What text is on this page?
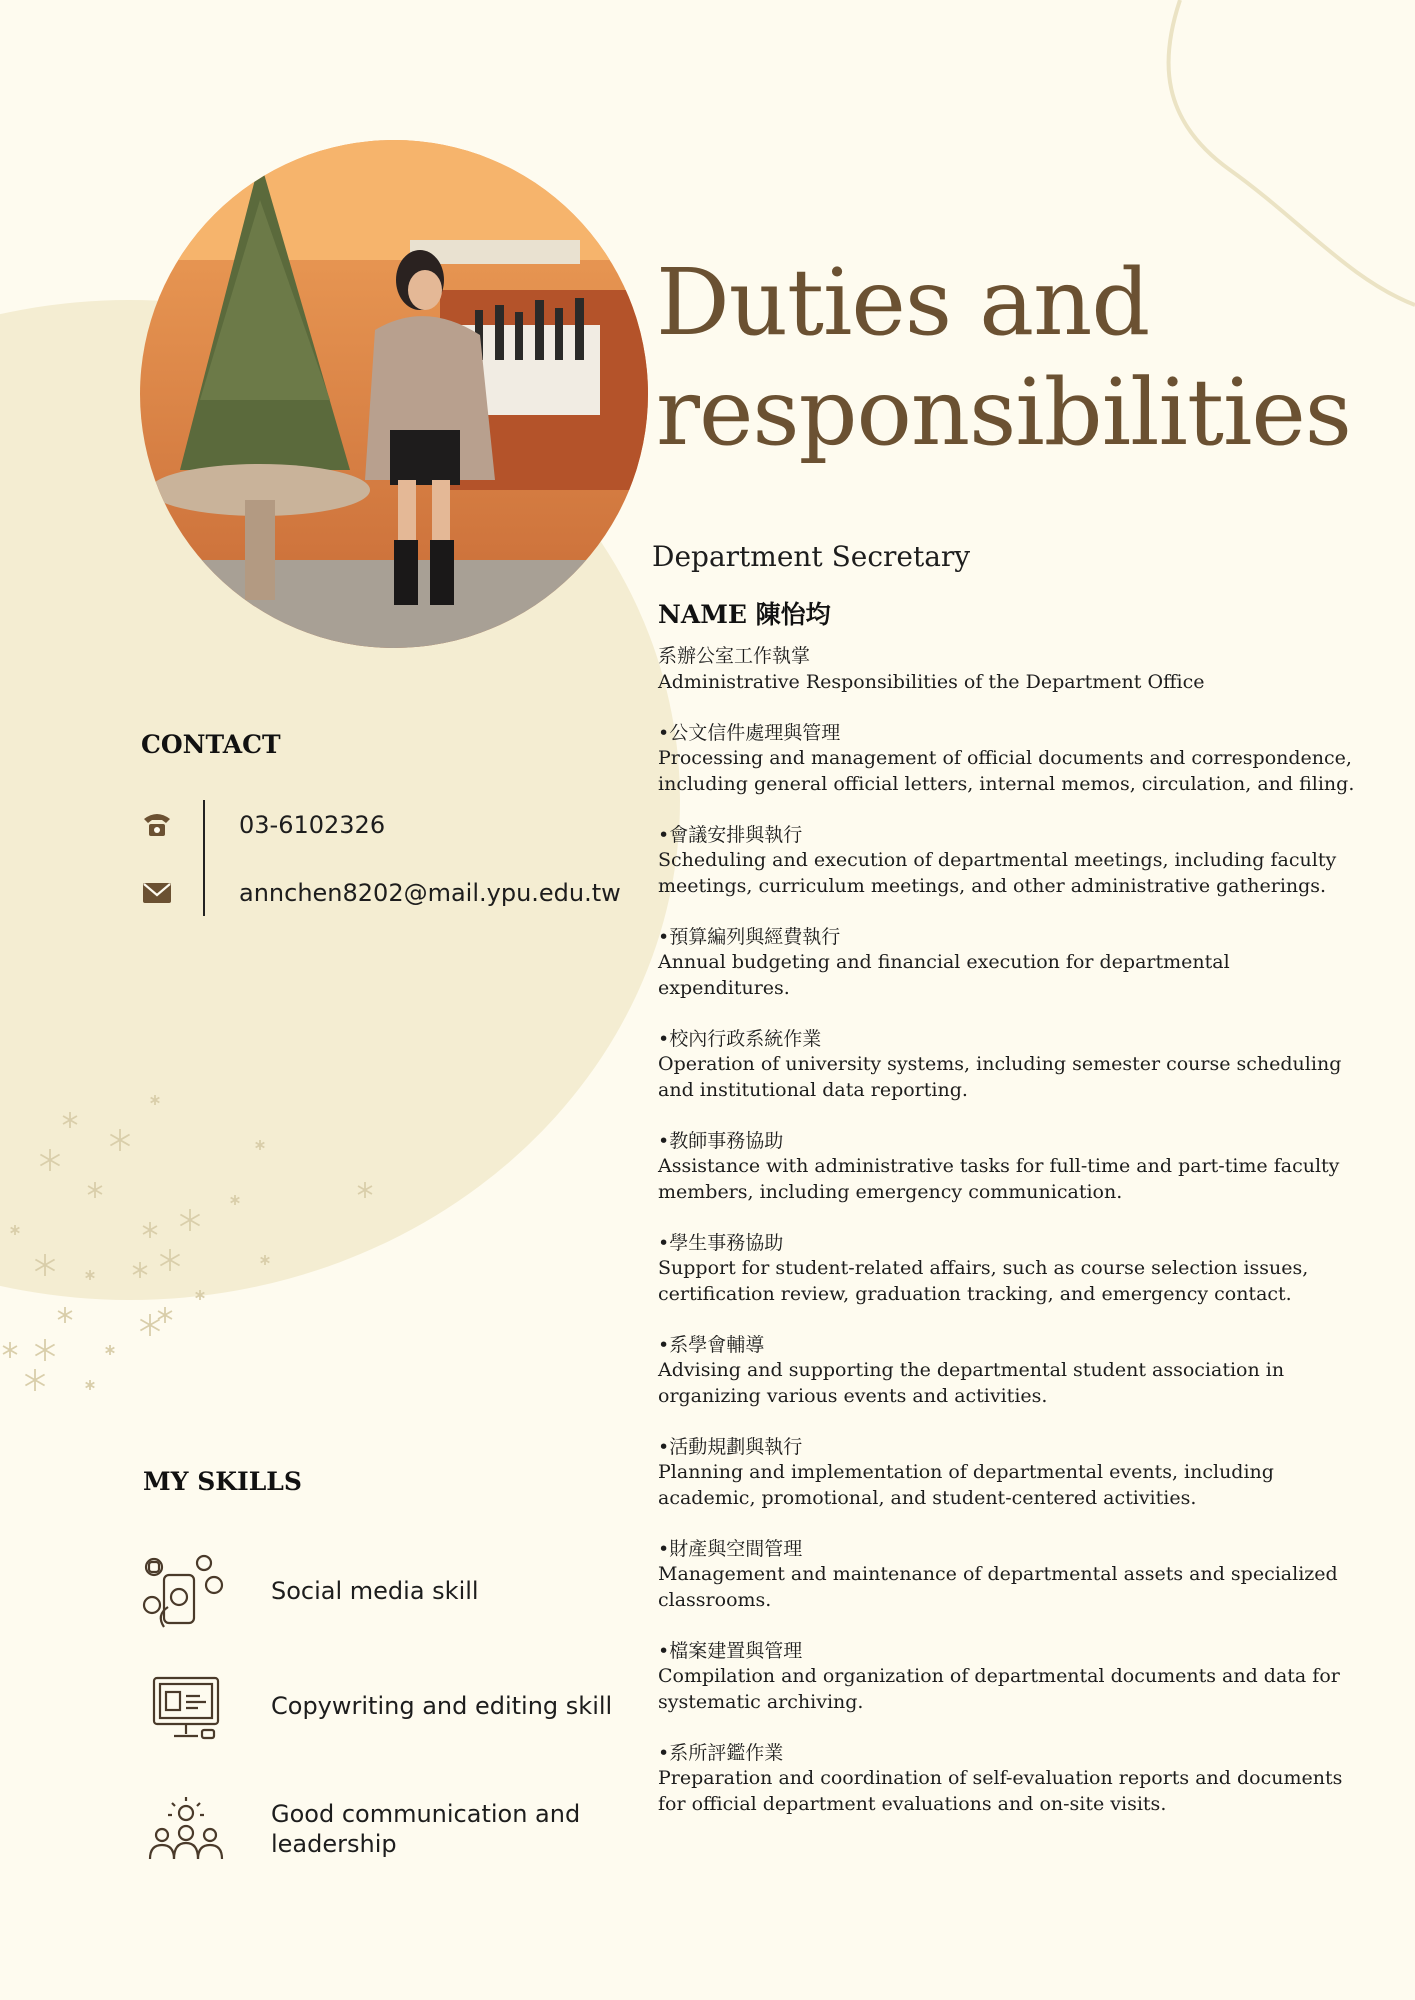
Duties and responsibilities
Department Secretary
NAME 陳怡均

系辦公室工作執掌

Administrative Responsibilities of the Department Office

•公文信件處理與管理

Processing and management of official documents and correspondence, including general official letters, internal memos, circulation, and filing.

•會議安排與執行

Scheduling and execution of departmental meetings, including faculty meetings, curriculum meetings, and other administrative gatherings.

•預算編列與經費執行

Annual budgeting and financial execution for departmental expenditures.

•校內行政系統作業

Operation of university systems, including semester course scheduling and institutional data reporting.

•教師事務協助

Assistance with administrative tasks for full-time and part-time faculty members, including emergency communication.

•學生事務協助

Support for student-related affairs, such as course selection issues, certification review, graduation tracking, and emergency contact.

•系學會輔導

Advising and supporting the departmental student association in organizing various events and activities.

•活動規劃與執行

Planning and implementation of departmental events, including academic, promotional, and student-centered activities.

•財產與空間管理

Management and maintenance of departmental assets and specialized classrooms.

•檔案建置與管理

Compilation and organization of departmental documents and data for systematic archiving.

•系所評鑑作業

Preparation and coordination of self-evaluation reports and documents for official department evaluations and on-site visits.

CONTACT
03-6102326
annchen8202@mail.ypu.edu.tw
MY SKILLS
Social media skill
Copywriting and editing skill
Good communication and leadership
